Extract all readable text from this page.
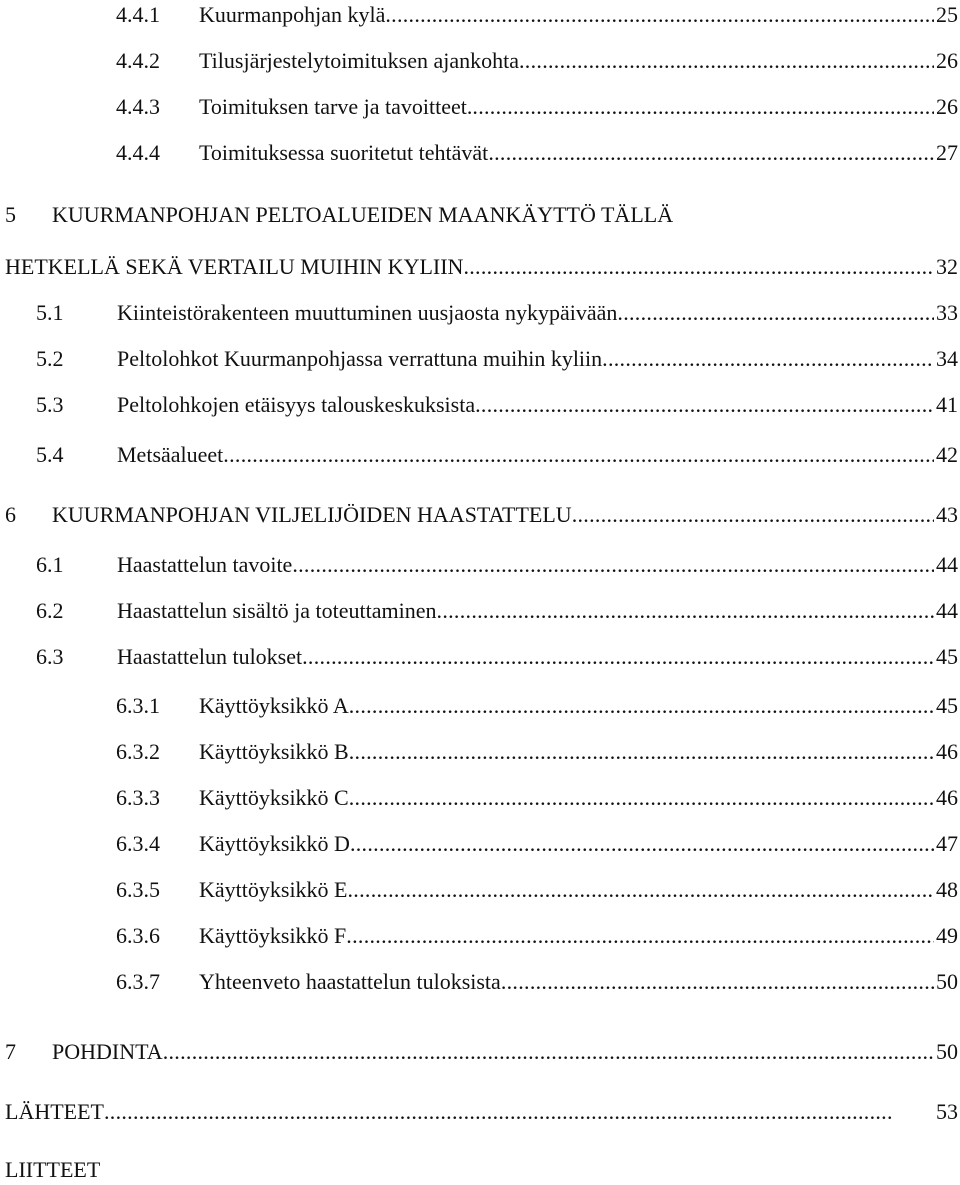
4.4.1	Kuurmanpohjan kylä . . .	25
4.4.2	Tilusjärjestelytoimituksen ajankohta . . .	26
4.4.3	Toimituksen tarve ja tavoitteet. . . .	26
4.4.4	Toimituksessa suoritetut tehtävät . . .	27
5 KUURMANPOHJAN PELTOALUEIDEN MAANKÄYTTÖ TÄLLÄ
HETKELLÄ SEKÄ VERTAILU MUIHIN KYLIIN . . .	32
5.1	Kiinteistörakenteen muuttuminen uusjaosta nykypäivään . . .	33
5.2	Peltolohkot Kuurmanpohjassa verrattuna muihin kyliin . . .	34
5.3	Peltolohkojen etäisyys talouskeskuksista . . .	41
5.4	Metsäalueet . . .	42
6	KUURMANPOHJAN VILJELIJÖIDEN HAASTATTELU . . .	43
6.1	Haastattelun tavoite . . .	44
6.2	Haastattelun sisältö ja toteuttaminen . . .	44
6.3	Haastattelun tulokset . . .	45
6.3.1	Käyttöyksikkö A . . .	45
6.3.2	Käyttöyksikkö B . . .	46
6.3.3	Käyttöyksikkö C . . .	46
6.3.4	Käyttöyksikkö D . . .	47
6.3.5	Käyttöyksikkö E . . .	48
6.3.6	Käyttöyksikkö F . . .	49
6.3.7	Yhteenveto haastattelun tuloksista . . .	50
7	POHDINTA . . .	50
LÄHTEET . . .	53
LIITTEET
